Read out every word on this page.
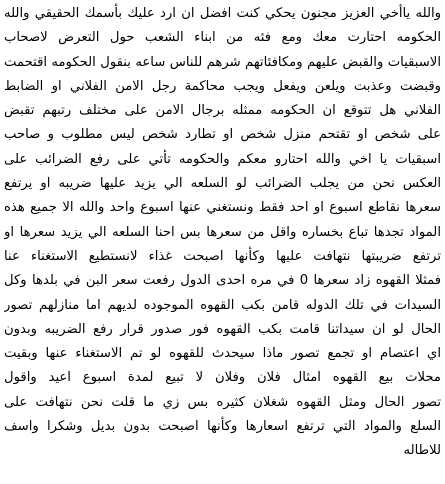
والله ياأخي العزيز مجنون يحكي كنت افضل ان ارد عليك بأسمك الحقيقي والله
الحكومه احتارت معك ومع فئه من ابناء الشعب حول التعرض لاصحاب
الاسبقيات والقبض عليهم ومكافئاتهم شرهم للناس ساعه بنقول الحكومه اقتحمت
وقبضت وعذبت ويلعن ويفعل ويجب محاكمة رجل الامن الفلاني او الضابط
الفلاني هل تتوقع ان الحكومه ممثله برجال الامن على مختلف رتبهم تقبض
على شخص او تقتحم منزل شخص او تطارد شخص ليس مطلوب و صاحب
اسبقيات يا اخي والله احتارو معكم والحكومه تأتي على رفع الضرائب على
العكس نحن من يجلب الضرائب لو السلعه الي يزيد عليها ضريبه او يرتفع
سعرها نقاطع اسبوع او احد فقط ونستغني عنها اسبوع واحد والله الا جميع هذه
المواد تجدها تباع بخساره واقل من سعرها بس احنا السلعه الي يزيد سعرها او
ترتفع ضريبتها نتهافت عليها وكأنها اصبحت غذاء لانستطيع الاستغناء عنا
فمثلا القهوه زاد سعرها 0 في مره احدى الدول رفعت سعر البن في بلدها وكل
السيدات في تلك الدوله قامن بكب القهوه الموجوده لديهم اما منازلهم تصور
الحال لو ان سيداتنا قامت بكب القهوه فور صدور قرار رفع الضريبه وبدون
اي اعتصام او تجمع تصور ماذا سيحدث للقهوه لو تم الاستغناء عنها وبقيت
محلات بيع القهوه امثال فلان وفلان لا تبيع لمدة اسبوع اعيد واقول
تصور الحال ومثل القهوه شغلان كثيره بس زي ما قلت نحن نتهافت على
السلع والمواد التي ترتفع اسعارها وكأنها اصبحت بدون بديل وشكرا واسف
للاطاله
